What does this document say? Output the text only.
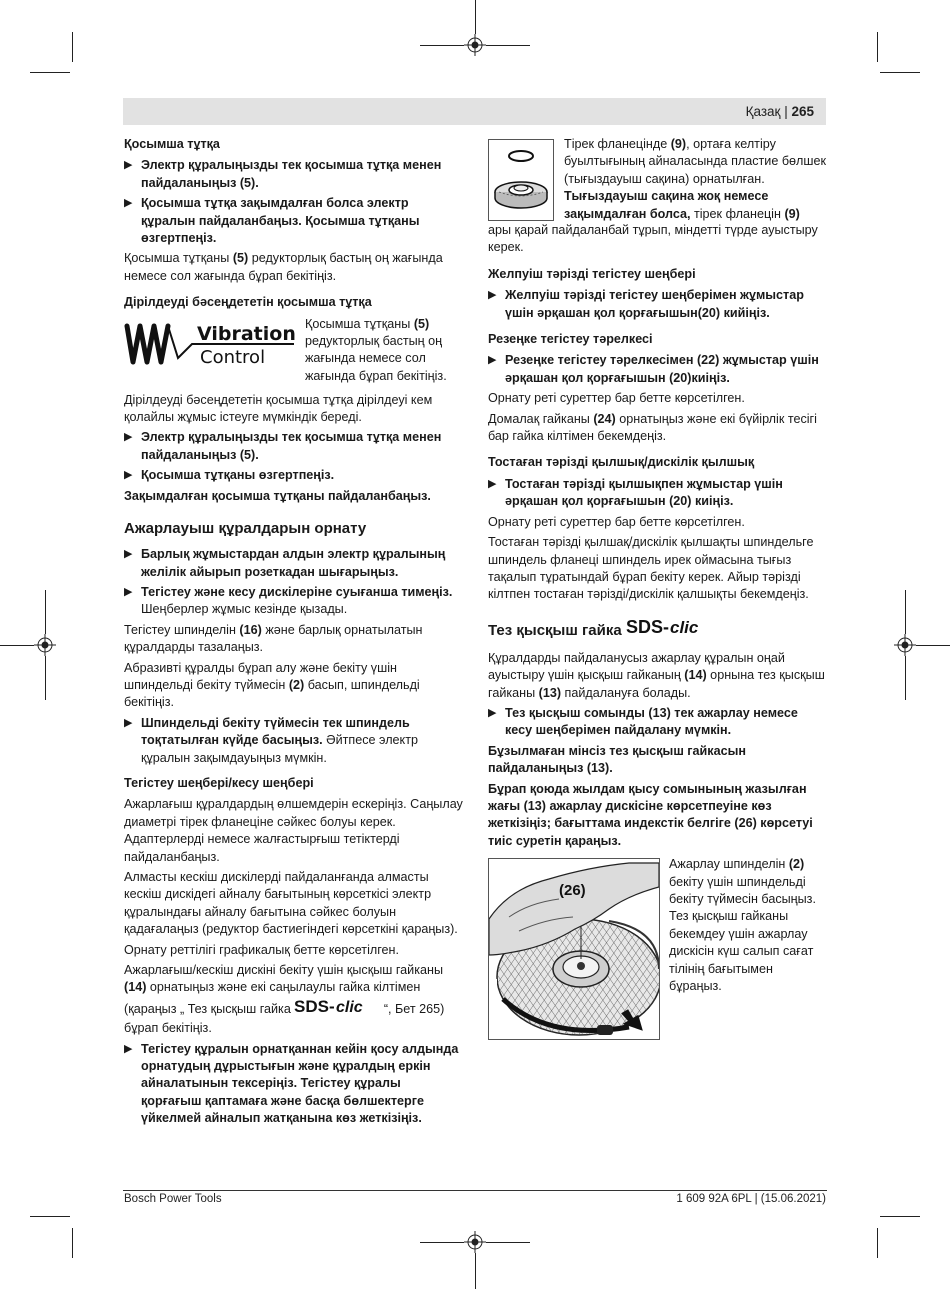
Қазақ | 265

Қосымша тұтқа

▶ Электр құралыңызды тек қосымша тұтқа менен пайдаланыңыз (5).
▶ Қосымша тұтқа зақымдалған болса электр құралын пайдаланбаңыз. Қосымша тұтқаны өзгертпеңіз.

Қосымша тұтқаны (5) редукторлық бастың оң жағында немесе сол жағында бұрап бекітіңіз.

Дірілдеуді бәсеңдететін қосымша тұтқа

Vibration
Control
Қосымша тұтқаны (5) редукторлық бастың оң жағында немесе сол жағында бұрап бекітіңіз.

Дірілдеуді бәсеңдететін қосымша тұтқа дірілдеуі кем қолайлы жұмыс істеуге мүмкіндік береді.

▶ Электр құралыңызды тек қосымша тұтқа менен пайдаланыңыз (5).
▶ Қосымша тұтқаны өзгертпеңіз.

Зақымдалған қосымша тұтқаны пайдаланбаңыз.

Ажарлауыш құралдарын орнату

▶ Барлық жұмыстардан алдын электр құралының желілік айырып розеткадан шығарыңыз.
▶ Тегістеу және кесу дискілеріне суығанша тимеңіз. Шеңберлер жұмыс кезінде қызады.

Тегістеу шпинделін (16) және барлық орнатылатын құралдарды тазалаңыз.

Абразивті құралды бұрап алу және бекіту үшін шпиндельді бекіту түймесін (2) басып, шпиндельді бекітіңіз.

▶ Шпиндельді бекіту түймесін тек шпиндель тоқтатылған күйде басыңыз. Әйтпесе электр құралын зақымдауыңыз мүмкін.

Тегістеу шеңбері/кесу шеңбері

Ажарлағыш құралдардың өлшемдерін ескеріңіз. Саңылау диаметрі тірек фланеціне сәйкес болуы керек. Адаптерлерді немесе жалғастырғыш тетіктерді пайдаланбаңыз.

Алмасты кескіш дискілерді пайдаланғанда алмасты кескіш дискідегі айналу бағытының көрсеткісі электр құралындағы айналу бағытына сәйкес болуын қадағалаңыз (редуктор бастиегіндегі көрсеткіні қараңыз).

Орнату реттілігі графикалық бетте көрсетілген.

Ажарлағыш/кескіш дискіні бекіту үшін қысқыш гайканы (14) орнатыңыз және екі саңылаулы гайка кілтімен (қараңыз „ Тез қысқыш гайка SDS- clic “, Бет 265) бұрап бекітіңіз.

▶ Тегістеу құралын орнатқаннан кейін қосу алдында орнатудың дұрыстығын және құралдың еркін айналатынын тексеріңіз. Тегістеу құралы қорғағыш қаптамаға және басқа бөлшектерге үйкелмей айналып жатқанына көз жеткізіңіз.
Тірек фланецінде (9), ортаға келтіру буылтығының айналасында пластие бөлшек (тығыздауыш сақина) орнатылған. Тығыздауыш сақина жоқ немесе зақымдалған болса, тірек фланецін (9)

ары қарай пайдаланбай тұрып, міндетті түрде ауыстыру керек.

Желпуіш тәрізді тегістеу шеңбері

▶ Желпуіш тәрізді тегістеу шеңберімен жұмыстар үшін әрқашан қол қорғағышын(20) кийіңіз.

Резеңке тегістеу тәрелкесі

▶ Резеңке тегістеу тәрелкесімен (22) жұмыстар үшін әрқашан қол қорғағышын (20)киіңіз.

Орнату реті суреттер бар бетте көрсетілген.

Домалақ гайканы (24) орнатыңыз және екі бүйірлік тесігі бар гайка кілтімен бекемдеңіз.

Тостаған тәрізді қылшық/дискілік қылшық

▶ Тостаған тәрізді қылшықпен жұмыстар үшін әрқашан қол қорғағышын (20) киіңіз.

Орнату реті суреттер бар бетте көрсетілген.

Тостаған тәрізді қылшақ/дискілік қылшақты шпиндельге шпиндель фланеці шпиндель ирек оймасына тығыз тақалып тұратындай бұрап бекіту керек. Айыр тәрізді кілтпен тостаған тәрізді/дискілік қалшықты бекемдеңіз.

Тез қысқыш гайка SDS- clic

Құралдарды пайдаланусыз ажарлау құралын оңай ауыстыру үшін қысқыш гайканың (14) орнына тез қысқыш гайканы (13) пайдалануға болады.

▶ Тез қысқыш сомынды (13) тек ажарлау немесе кесу шеңберімен пайдалану мүмкін.

Бұзылмаған мінсіз тез қысқыш гайкасын пайдаланыңыз (13).

Бұрап қоюда жылдам қысу сомынының жазылған жағы (13) ажарлау дискісіне көрсетпеуіне көз жеткізіңіз; бағыттама индекстік белгіге (26) көрсетуі тиіс суретін қараңыз.

(26)
Ажарлау шпинделін (2) бекіту үшін шпиндельді бекіту түймесін басыңыз. Тез қысқыш гайканы бекемдеу үшін ажарлау дискісін күш салып сағат тілінің бағытымен бұраңыз.
Bosch Power Tools	1 609 92A 6PL | (15.06.2021)
